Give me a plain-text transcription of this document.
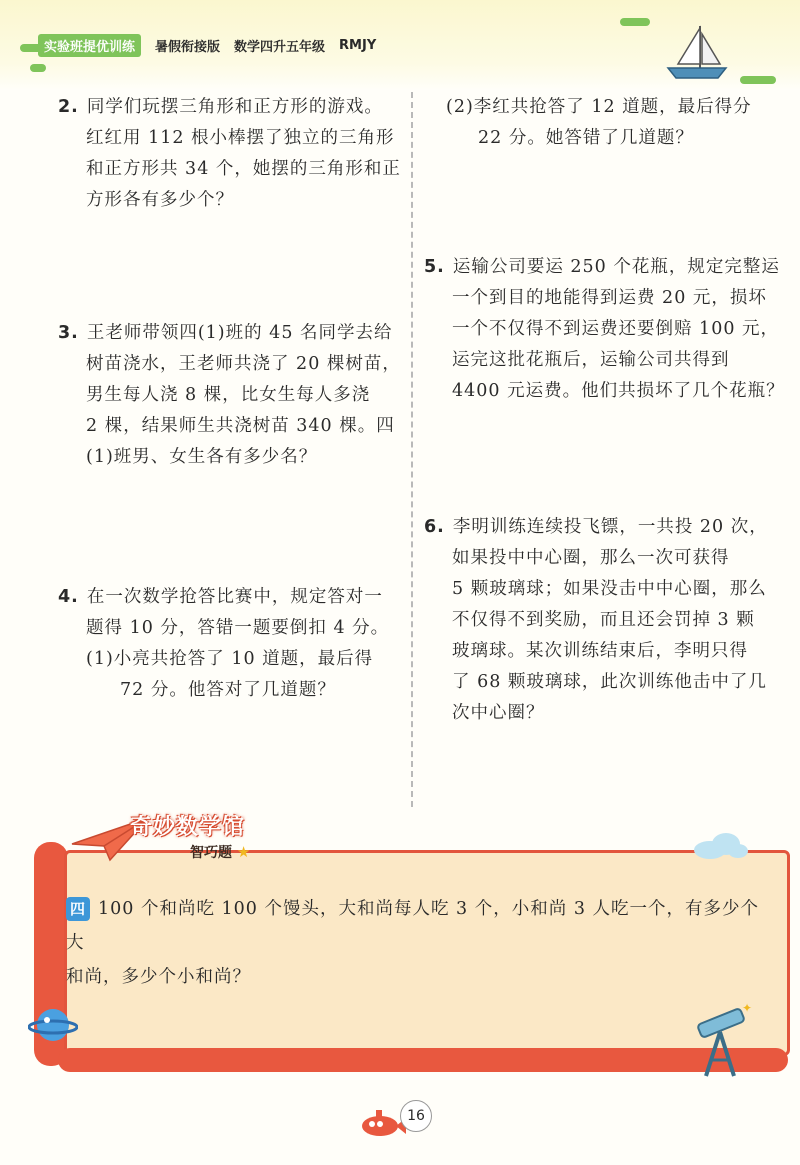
实验班提优训练	暑假衔接版 数学四升五年级 RMJY
2. 同学们玩摆三角形和正方形的游戏。
红红用 112 根小棒摆了独立的三角形
和正方形共 34 个，她摆的三角形和正
方形各有多少个？
3. 王老师带领四(1)班的 45 名同学去给
树苗浇水，王老师共浇了 20 棵树苗，
男生每人浇 8 棵，比女生每人多浇
2 棵，结果师生共浇树苗 340 棵。四
(1)班男、女生各有多少名？
4. 在一次数学抢答比赛中，规定答对一
题得 10 分，答错一题要倒扣 4 分。
(1)小亮共抢答了 10 道题，最后得
72 分。他答对了几道题？
(2)李红共抢答了 12 道题，最后得分
22 分。她答错了几道题？
5. 运输公司要运 250 个花瓶，规定完整运
一个到目的地能得到运费 20 元，损坏
一个不仅得不到运费还要倒赔 100 元，
运完这批花瓶后，运输公司共得到
4400 元运费。他们共损坏了几个花瓶？
6. 李明训练连续投飞镖，一共投 20 次，
如果投中中心圈，那么一次可获得
5 颗玻璃球；如果没击中中心圈，那么
不仅得不到奖励，而且还会罚掉 3 颗
玻璃球。某次训练结束后，李明只得
了 68 颗玻璃球，此次训练他击中了几
次中心圈？
奇妙数学馆
智巧题 ★
四 100 个和尚吃 100 个馒头，大和尚每人吃 3 个，小和尚 3 人吃一个，有多少个大
和尚，多少个小和尚？
✦
16
